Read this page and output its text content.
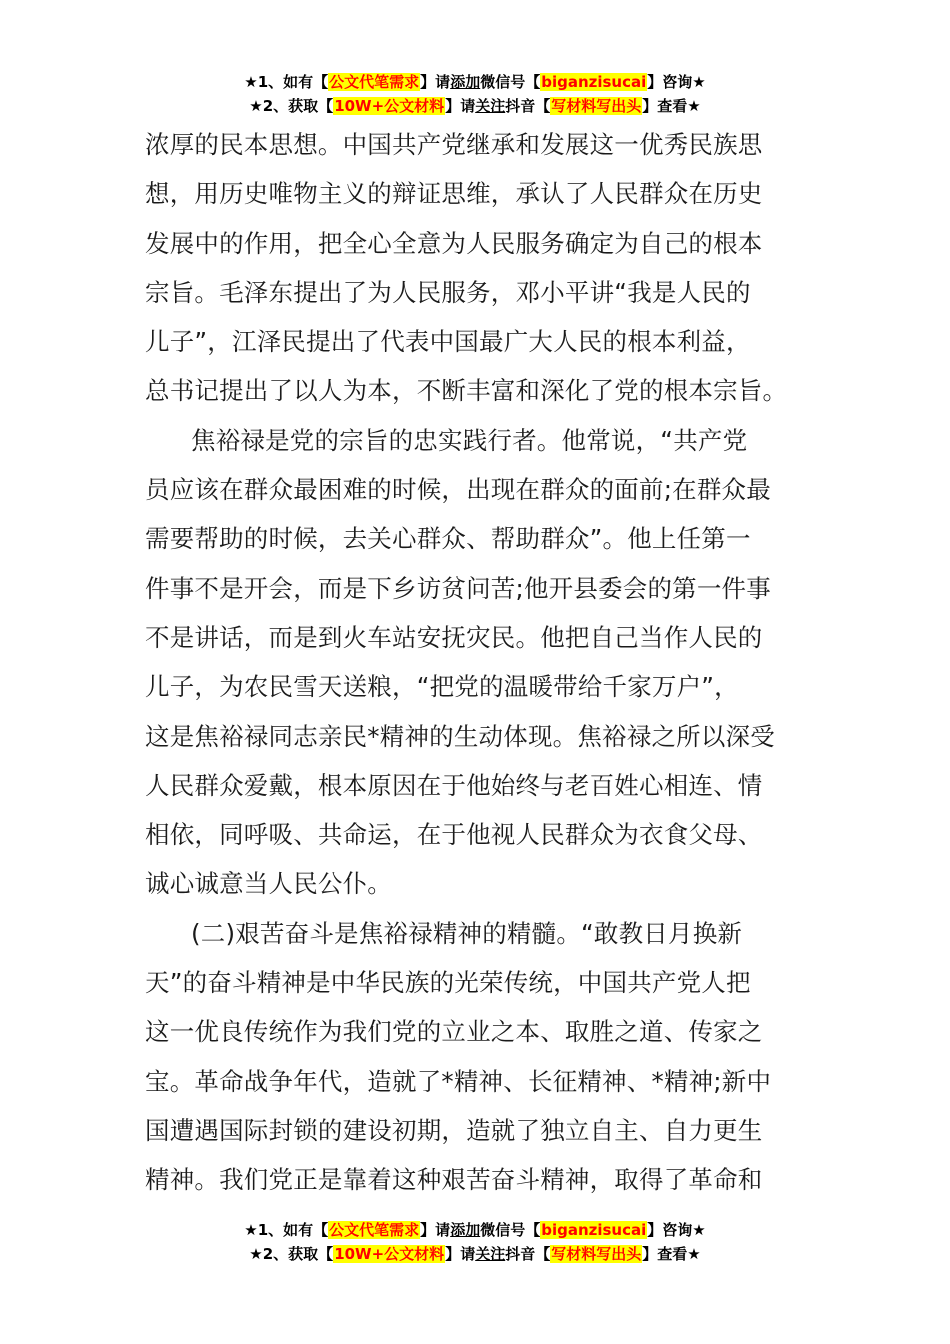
★1、如有【公文代笔需求】请添加微信号【biganzisucai】咨询★
★2、获取【10W+公文材料】请关注抖音【写材料写出头】查看★
浓厚的民本思想。中国共产党继承和发展这一优秀民族思
想，用历史唯物主义的辩证思维，承认了人民群众在历史
发展中的作用，把全心全意为人民服务确定为自己的根本
宗旨。毛泽东提出了为人民服务，邓小平讲“我是人民的
儿子”，江泽民提出了代表中国最广大人民的根本利益，
总书记提出了以人为本，不断丰富和深化了党的根本宗旨。
焦裕禄是党的宗旨的忠实践行者。他常说，“共产党
员应该在群众最困难的时候，出现在群众的面前;在群众最
需要帮助的时候，去关心群众、帮助群众”。他上任第一
件事不是开会，而是下乡访贫问苦;他开县委会的第一件事
不是讲话，而是到火车站安抚灾民。他把自己当作人民的
儿子，为农民雪天送粮，“把党的温暖带给千家万户”，
这是焦裕禄同志亲民*精神的生动体现。焦裕禄之所以深受
人民群众爱戴，根本原因在于他始终与老百姓心相连、情
相依，同呼吸、共命运，在于他视人民群众为衣食父母、
诚心诚意当人民公仆。
(二)艰苦奋斗是焦裕禄精神的精髓。“敢教日月换新
天”的奋斗精神是中华民族的光荣传统，中国共产党人把
这一优良传统作为我们党的立业之本、取胜之道、传家之
宝。革命战争年代，造就了*精神、长征精神、*精神;新中
国遭遇国际封锁的建设初期，造就了独立自主、自力更生
精神。我们党正是靠着这种艰苦奋斗精神，取得了革命和
★1、如有【公文代笔需求】请添加微信号【biganzisucai】咨询★
★2、获取【10W+公文材料】请关注抖音【写材料写出头】查看★
